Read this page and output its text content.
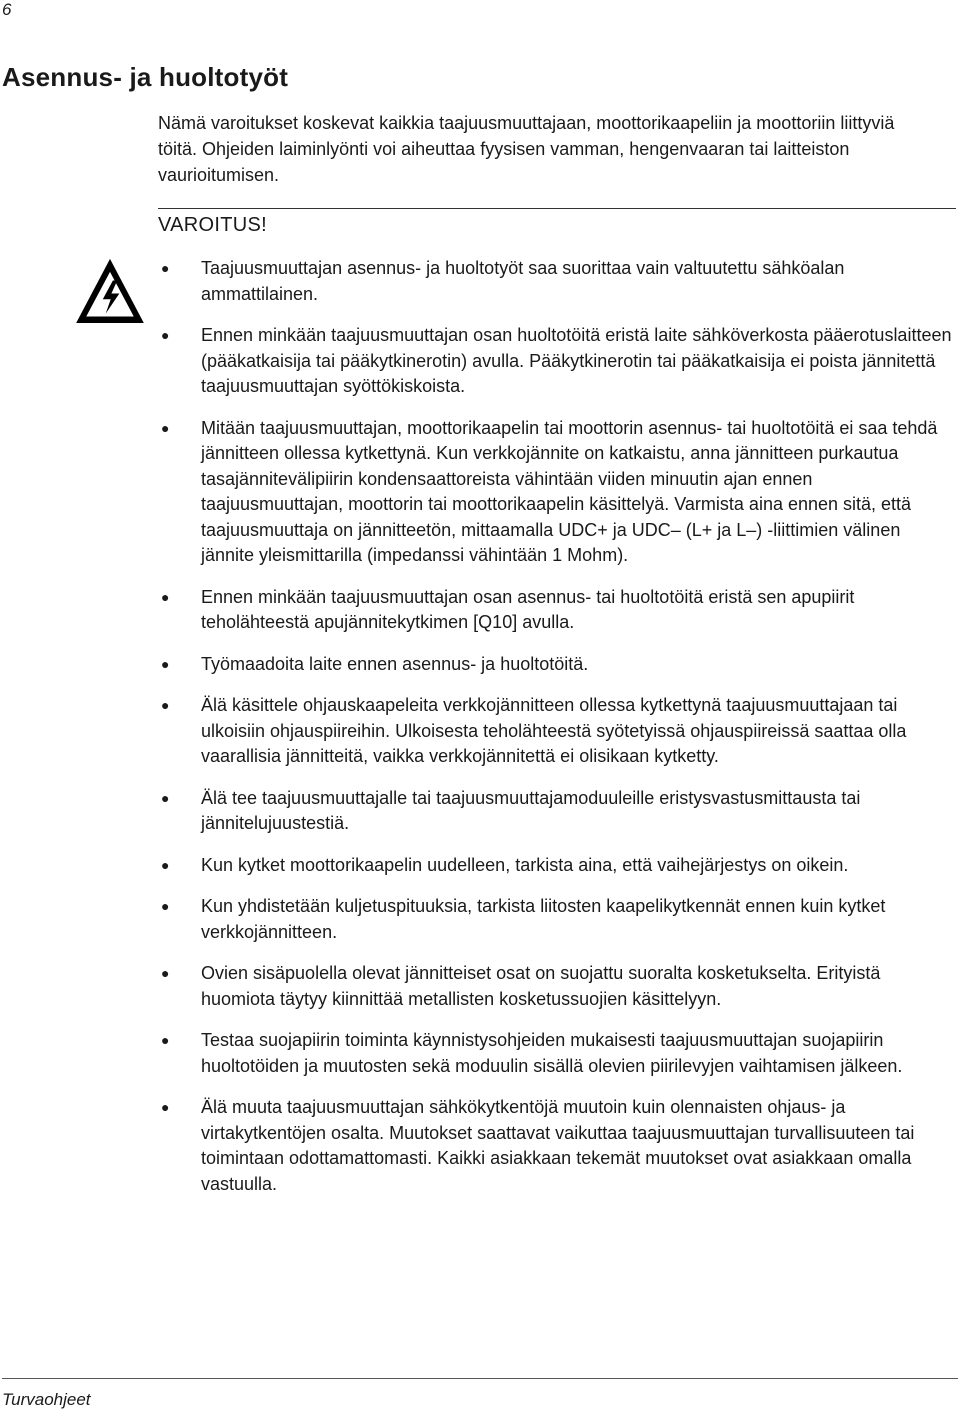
6
Asennus- ja huoltotyöt

Nämä varoitukset koskevat kaikkia taajuusmuuttajaan, moottorikaapeliin ja moottoriin liittyviä töitä. Ohjeiden laiminlyönti voi aiheuttaa fyysisen vamman, hengenvaaran tai laitteiston vaurioitumisen.

VAROITUS!
● Taajuusmuuttajan asennus- ja huoltotyöt saa suorittaa vain valtuutettu sähköalan ammattilainen.
● Ennen minkään taajuusmuuttajan osan huoltotöitä eristä laite sähköverkosta pääerotuslaitteen (pääkatkaisija tai pääkytkinerotin) avulla. Pääkytkinerotin tai pääkatkaisija ei poista jännitettä taajuusmuuttajan syöttökiskoista.
● Mitään taajuusmuuttajan, moottorikaapelin tai moottorin asennus- tai huoltotöitä ei saa tehdä jännitteen ollessa kytkettynä. Kun verkkojännite on katkaistu, anna jännitteen purkautua tasajännitevälipiirin kondensaattoreista vähintään viiden minuutin ajan ennen taajuusmuuttajan, moottorin tai moottorikaapelin käsittelyä. Varmista aina ennen sitä, että taajuusmuuttaja on jännitteetön, mittaamalla UDC+ ja UDC– (L+ ja L–) -liittimien välinen jännite yleismittarilla (impedanssi vähintään 1 Mohm).
● Ennen minkään taajuusmuuttajan osan asennus- tai huoltotöitä eristä sen apupiirit teholähteestä apujännitekytkimen [Q10] avulla.
● Työmaadoita laite ennen asennus- ja huoltotöitä.
● Älä käsittele ohjauskaapeleita verkkojännitteen ollessa kytkettynä taajuusmuuttajaan tai ulkoisiin ohjauspiireihin. Ulkoisesta teholähteestä syötetyissä ohjauspiireissä saattaa olla vaarallisia jännitteitä, vaikka verkkojännitettä ei olisikaan kytketty.
● Älä tee taajuusmuuttajalle tai taajuusmuuttajamoduuleille eristysvastusmittausta tai jännitelujuustestiä.
● Kun kytket moottorikaapelin uudelleen, tarkista aina, että vaihejärjestys on oikein.
● Kun yhdistetään kuljetuspituuksia, tarkista liitosten kaapelikytkennät ennen kuin kytket verkkojännitteen.
● Ovien sisäpuolella olevat jännitteiset osat on suojattu suoralta kosketukselta. Erityistä huomiota täytyy kiinnittää metallisten kosketussuojien käsittelyyn.
● Testaa suojapiirin toiminta käynnistysohjeiden mukaisesti taajuusmuuttajan suojapiirin huoltotöiden ja muutosten sekä moduulin sisällä olevien piirilevyjen vaihtamisen jälkeen.
● Älä muuta taajuusmuuttajan sähkökytkentöjä muutoin kuin olennaisten ohjaus- ja virtakytkentöjen osalta. Muutokset saattavat vaikuttaa taajuusmuuttajan turvallisuuteen tai toimintaan odottamattomasti. Kaikki asiakkaan tekemät muutokset ovat asiakkaan omalla vastuulla.
Turvaohjeet
